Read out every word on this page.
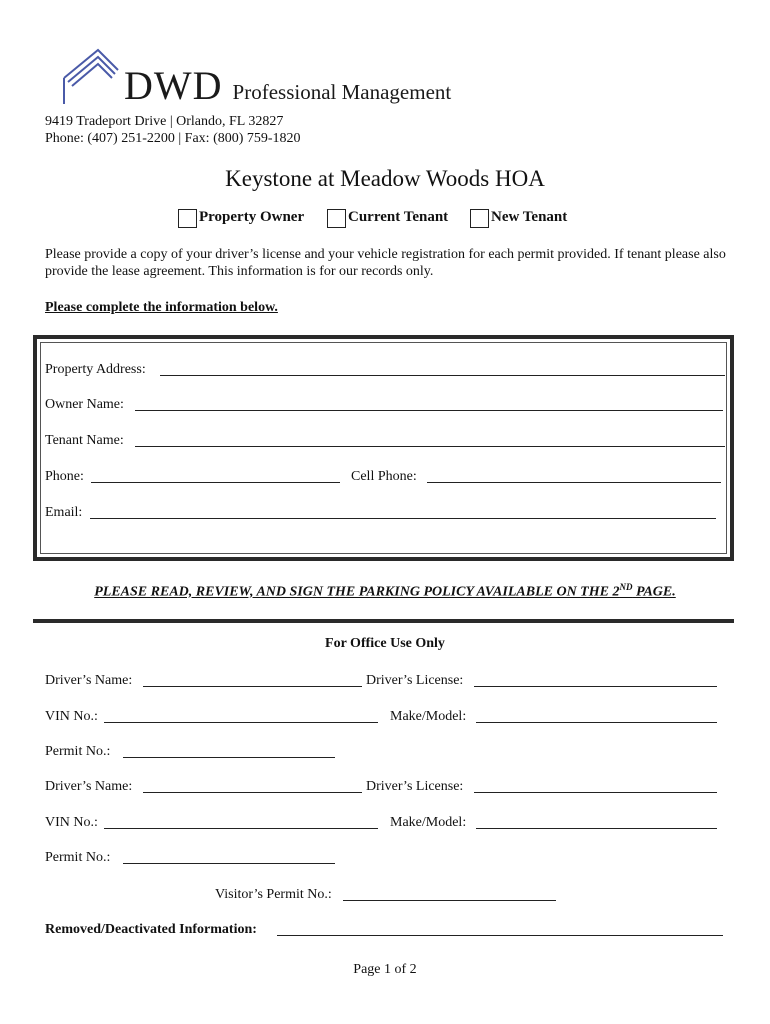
DWD Professional Management
9419 Tradeport Drive | Orlando, FL 32827
Phone: (407) 251-2200 | Fax: (800) 759-1820
Keystone at Meadow Woods HOA
Property Owner	Current Tenant	New Tenant
Please provide a copy of your driver’s license and your vehicle registration for each permit provided. If tenant please also provide the lease agreement. This information is for our records only.
Please complete the information below.
Property Address:
Owner Name:
Tenant Name:
Phone:	Cell Phone:
Email:
PLEASE READ, REVIEW, AND SIGN THE PARKING POLICY AVAILABLE ON THE 2ND PAGE.
For Office Use Only
Driver’s Name:	Driver’s License:
VIN No.:	Make/Model:
Permit No.:
Driver’s Name:	Driver’s License:
VIN No.:	Make/Model:
Permit No.:
Visitor’s Permit No.:
Removed/Deactivated Information:
Page 1 of 2
